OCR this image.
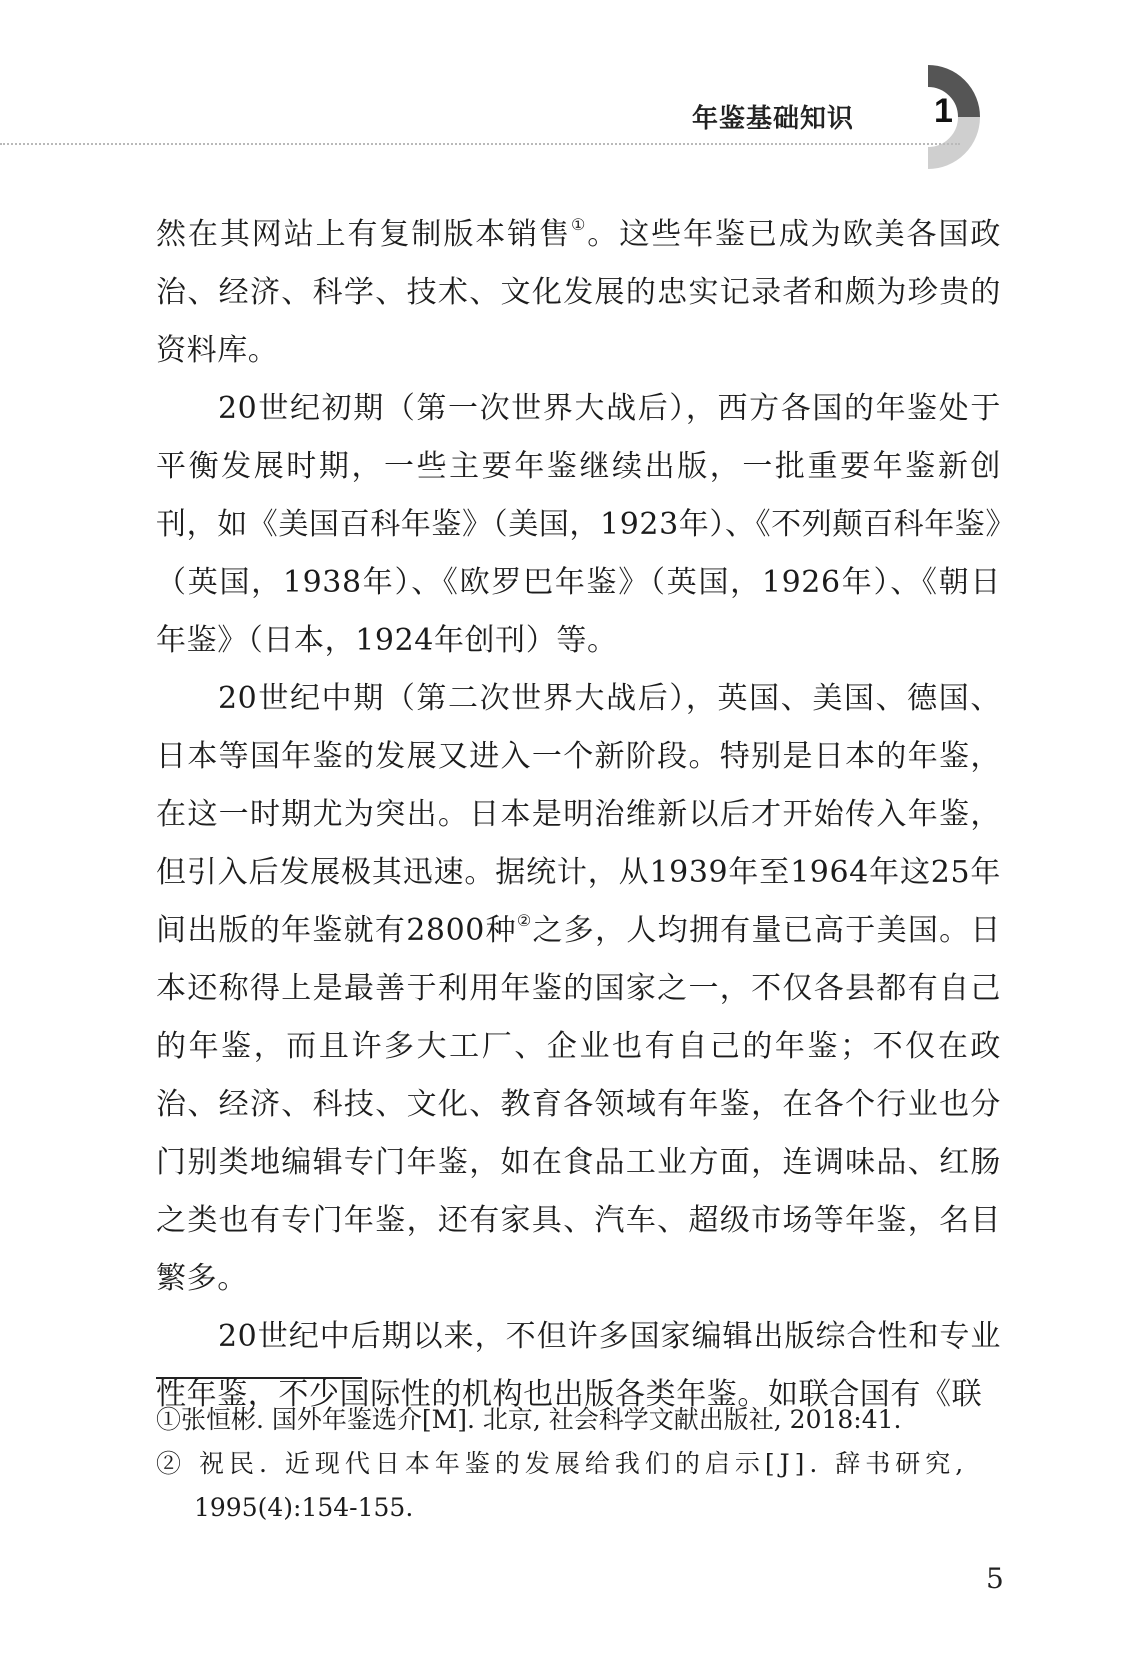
年鉴基础知识 1

然在其网站上有复制版本销售①。这些年鉴已成为欧美各国政治、经济、科学、技术、文化发展的忠实记录者和颇为珍贵的资料库。

20世纪初期（第一次世界大战后），西方各国的年鉴处于平衡发展时期，一些主要年鉴继续出版，一批重要年鉴新创刊，如《美国百科年鉴》（美国，1923年）、《不列颠百科年鉴》（英国，1938年）、《欧罗巴年鉴》（英国，1926年）、《朝日年鉴》（日本，1924年创刊）等。

20世纪中期（第二次世界大战后），英国、美国、德国、日本等国年鉴的发展又进入一个新阶段。特别是日本的年鉴，在这一时期尤为突出。日本是明治维新以后才开始传入年鉴，但引入后发展极其迅速。据统计，从1939年至1964年这25年间出版的年鉴就有2800种②之多，人均拥有量已高于美国。日本还称得上是最善于利用年鉴的国家之一，不仅各县都有自己的年鉴，而且许多大工厂、企业也有自己的年鉴；不仅在政治、经济、科技、文化、教育各领域有年鉴，在各个行业也分门别类地编辑专门年鉴，如在食品工业方面，连调味品、红肠之类也有专门年鉴，还有家具、汽车、超级市场等年鉴，名目繁多。

20世纪中后期以来，不但许多国家编辑出版综合性和专业性年鉴，不少国际性的机构也出版各类年鉴。如联合国有《联

①张恒彬. 国外年鉴选介[M]. 北京, 社会科学文献出版社, 2018:41.

② 祝民. 近现代日本年鉴的发展给我们的启示[J]. 辞书研究,
1995(4):154-155.

5
